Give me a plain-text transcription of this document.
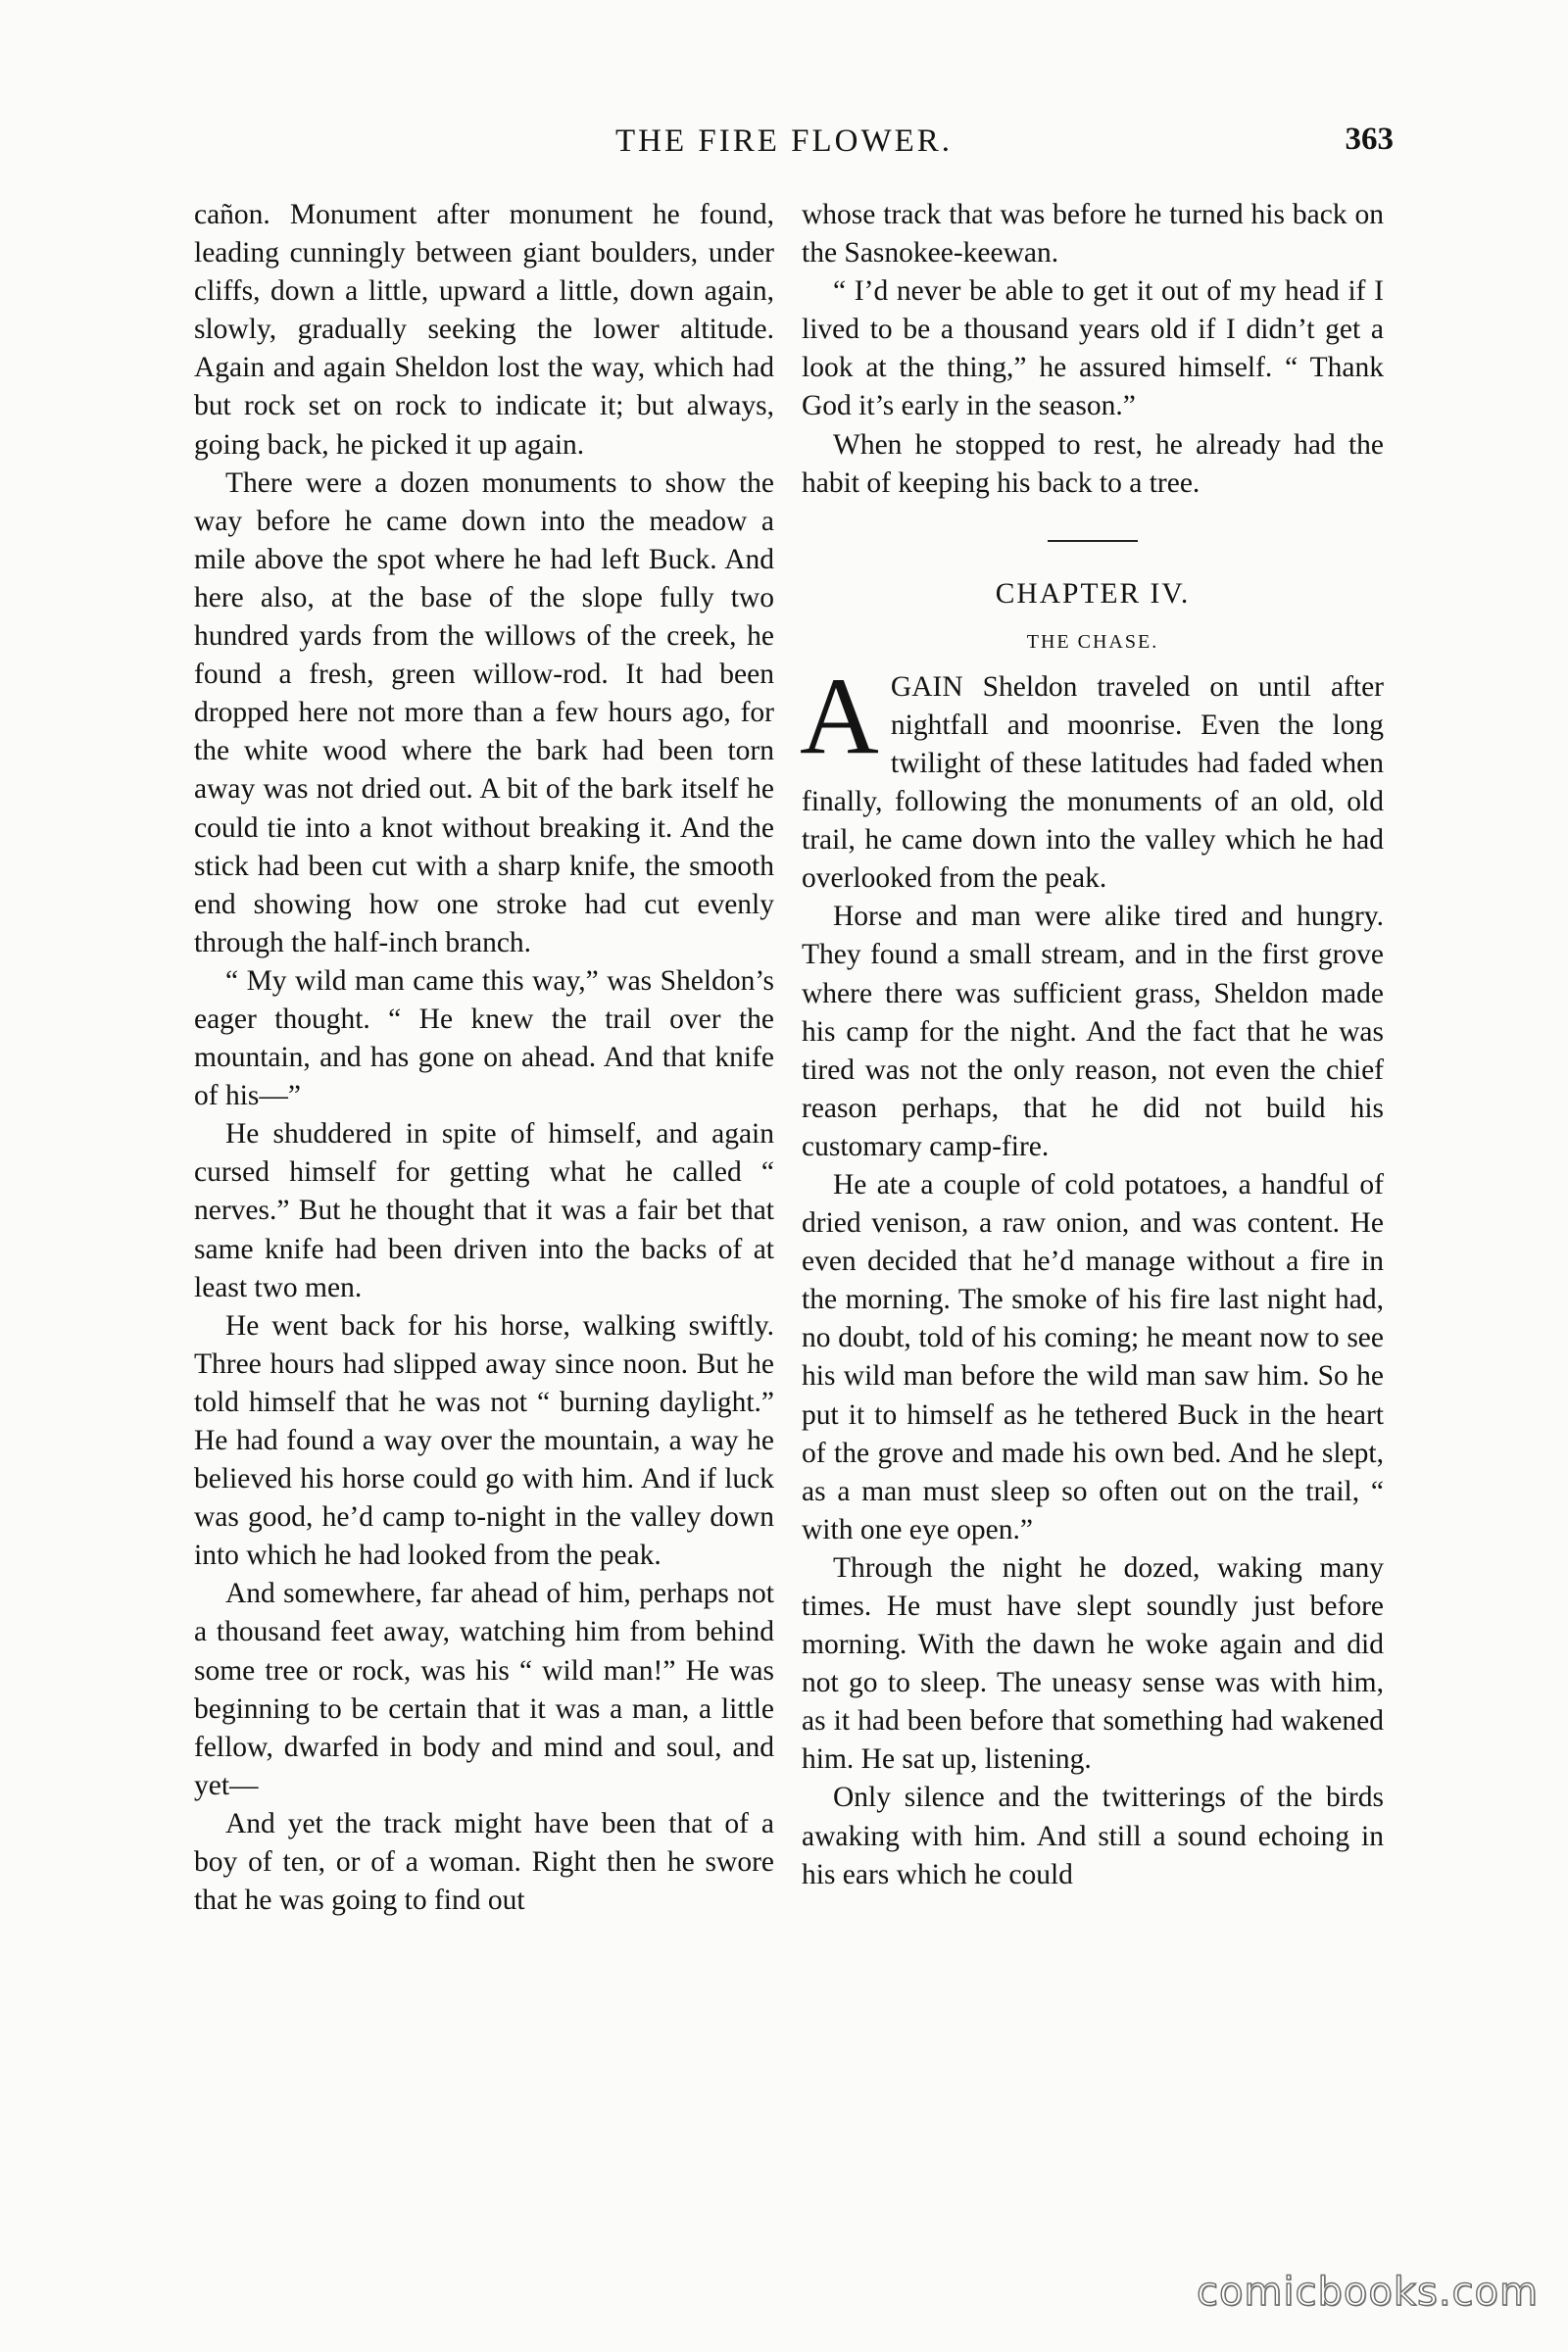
THE FIRE FLOWER.	363

cañon. Monument after monument he found, leading cunningly between giant boulders, under cliffs, down a little, upward a little, down again, slowly, gradually seeking the lower altitude. Again and again Sheldon lost the way, which had but rock set on rock to indicate it; but always, going back, he picked it up again.

There were a dozen monuments to show the way before he came down into the meadow a mile above the spot where he had left Buck. And here also, at the base of the slope fully two hundred yards from the willows of the creek, he found a fresh, green willow-rod. It had been dropped here not more than a few hours ago, for the white wood where the bark had been torn away was not dried out. A bit of the bark itself he could tie into a knot without breaking it. And the stick had been cut with a sharp knife, the smooth end showing how one stroke had cut evenly through the half-inch branch.

“ My wild man came this way,” was Sheldon’s eager thought. “ He knew the trail over the mountain, and has gone on ahead. And that knife of his—”

He shuddered in spite of himself, and again cursed himself for getting what he called “ nerves.” But he thought that it was a fair bet that same knife had been driven into the backs of at least two men.

He went back for his horse, walking swiftly. Three hours had slipped away since noon. But he told himself that he was not “ burning daylight.” He had found a way over the mountain, a way he believed his horse could go with him. And if luck was good, he’d camp to-night in the valley down into which he had looked from the peak.

And somewhere, far ahead of him, perhaps not a thousand feet away, watching him from behind some tree or rock, was his “ wild man!” He was beginning to be certain that it was a man, a little fellow, dwarfed in body and mind and soul, and yet—

And yet the track might have been that of a boy of ten, or of a woman. Right then he swore that he was going to find out

whose track that was before he turned his back on the Sasnokee-keewan.

“ I’d never be able to get it out of my head if I lived to be a thousand years old if I didn’t get a look at the thing,” he assured himself. “ Thank God it’s early in the season.”

When he stopped to rest, he already had the habit of keeping his back to a tree.

CHAPTER IV.
THE CHASE.
A GAIN Sheldon traveled on until after nightfall and moonrise. Even the long twilight of these latitudes had faded when finally, following the monuments of an old, old trail, he came down into the valley which he had overlooked from the peak.

Horse and man were alike tired and hungry. They found a small stream, and in the first grove where there was sufficient grass, Sheldon made his camp for the night. And the fact that he was tired was not the only reason, not even the chief reason perhaps, that he did not build his customary camp-fire.

He ate a couple of cold potatoes, a handful of dried venison, a raw onion, and was content. He even decided that he’d manage without a fire in the morning. The smoke of his fire last night had, no doubt, told of his coming; he meant now to see his wild man before the wild man saw him. So he put it to himself as he tethered Buck in the heart of the grove and made his own bed. And he slept, as a man must sleep so often out on the trail, “ with one eye open.”

Through the night he dozed, waking many times. He must have slept soundly just before morning. With the dawn he woke again and did not go to sleep. The uneasy sense was with him, as it had been before that something had wakened him. He sat up, listening.

Only silence and the twitterings of the birds awaking with him. And still a sound echoing in his ears which he could

comicbooks.com
